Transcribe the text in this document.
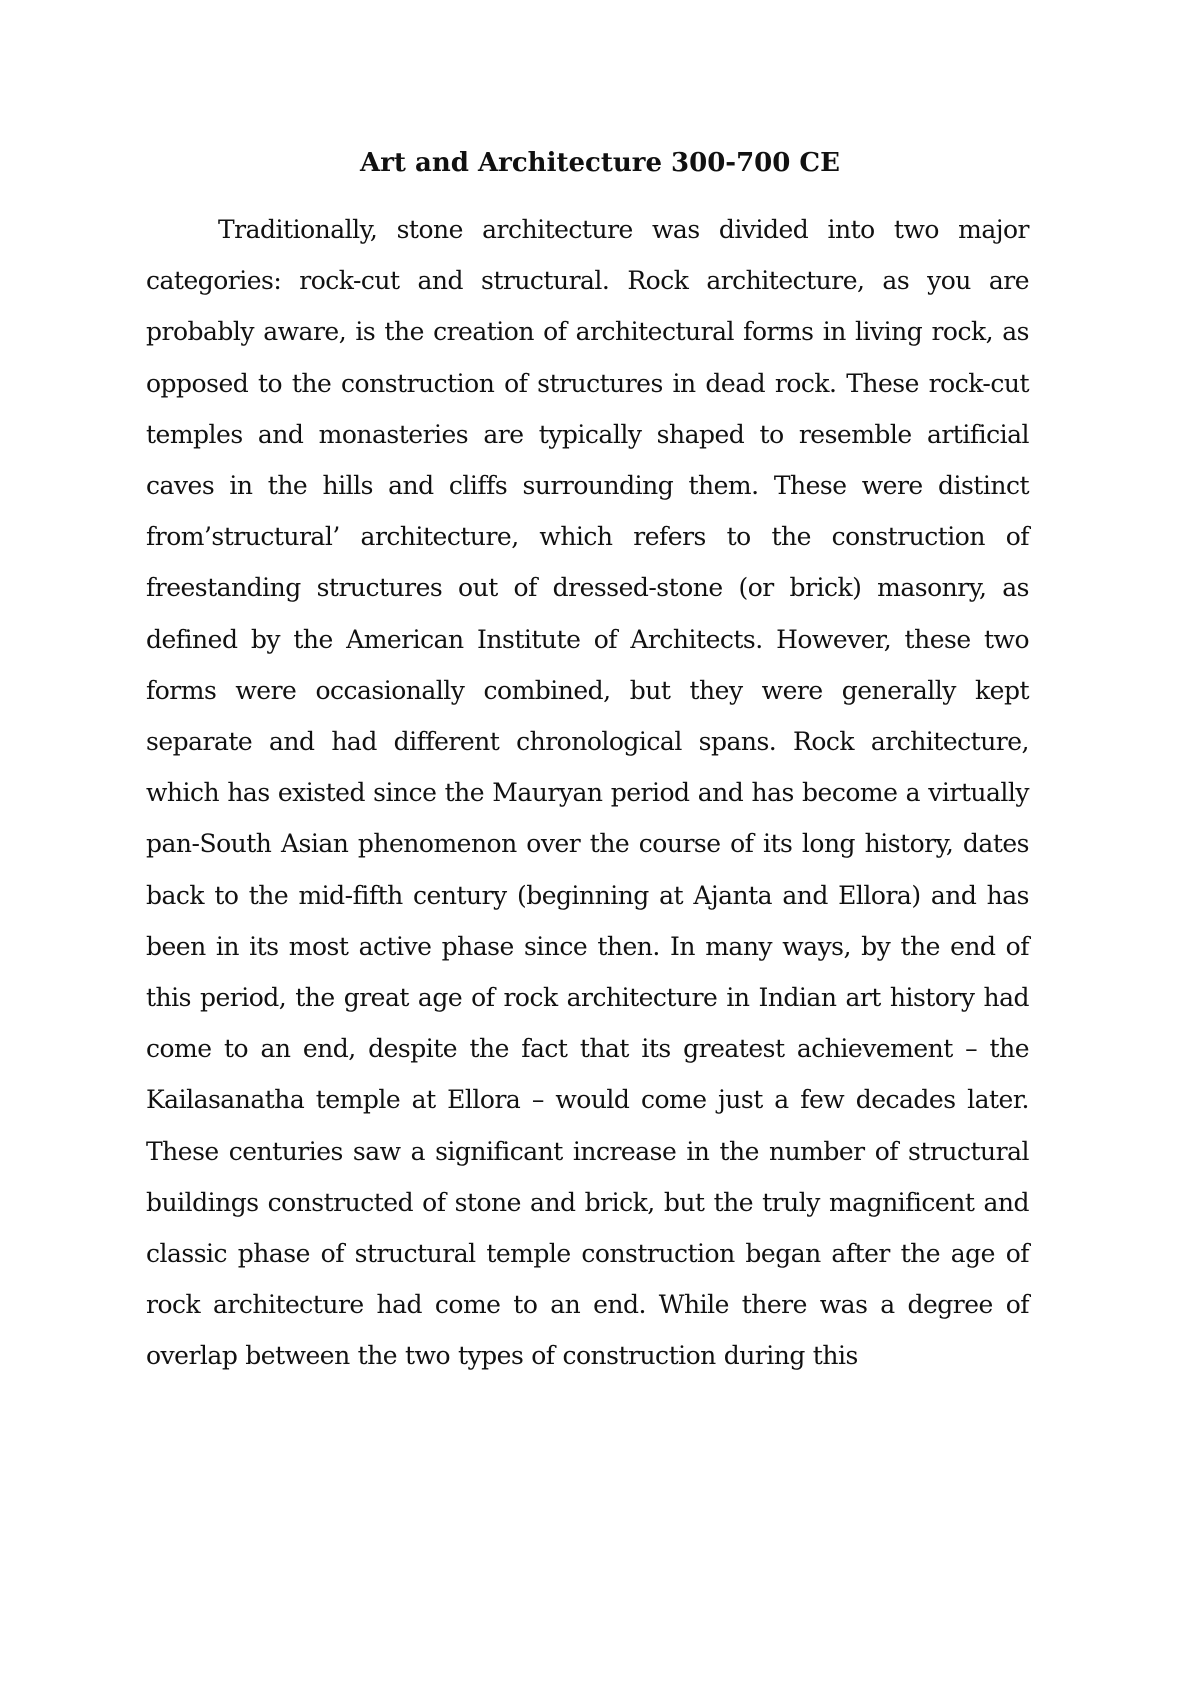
Art and Architecture 300-700 CE

Traditionally, stone architecture was divided into two major categories: rock-cut and structural. Rock architecture, as you are probably aware, is the creation of architectural forms in living rock, as opposed to the construction of structures in dead rock. These rock-cut temples and monasteries are typically shaped to resemble artificial caves in the hills and cliffs surrounding them. These were distinct from’structural’ architecture, which refers to the construction of freestanding structures out of dressed-stone (or brick) masonry, as defined by the American Institute of Architects. However, these two forms were occasionally combined, but they were generally kept separate and had different chronological spans. Rock architecture, which has existed since the Mauryan period and has become a virtually pan-South Asian phenomenon over the course of its long history, dates back to the mid-fifth century (beginning at Ajanta and Ellora) and has been in its most active phase since then. In many ways, by the end of this period, the great age of rock architecture in Indian art history had come to an end, despite the fact that its greatest achievement – the Kailasanatha temple at Ellora – would come just a few decades later. These centuries saw a significant increase in the number of structural buildings constructed of stone and brick, but the truly magnificent and classic phase of structural temple construction began after the age of rock architecture had come to an end. While there was a degree of overlap between the two types of construction during this
